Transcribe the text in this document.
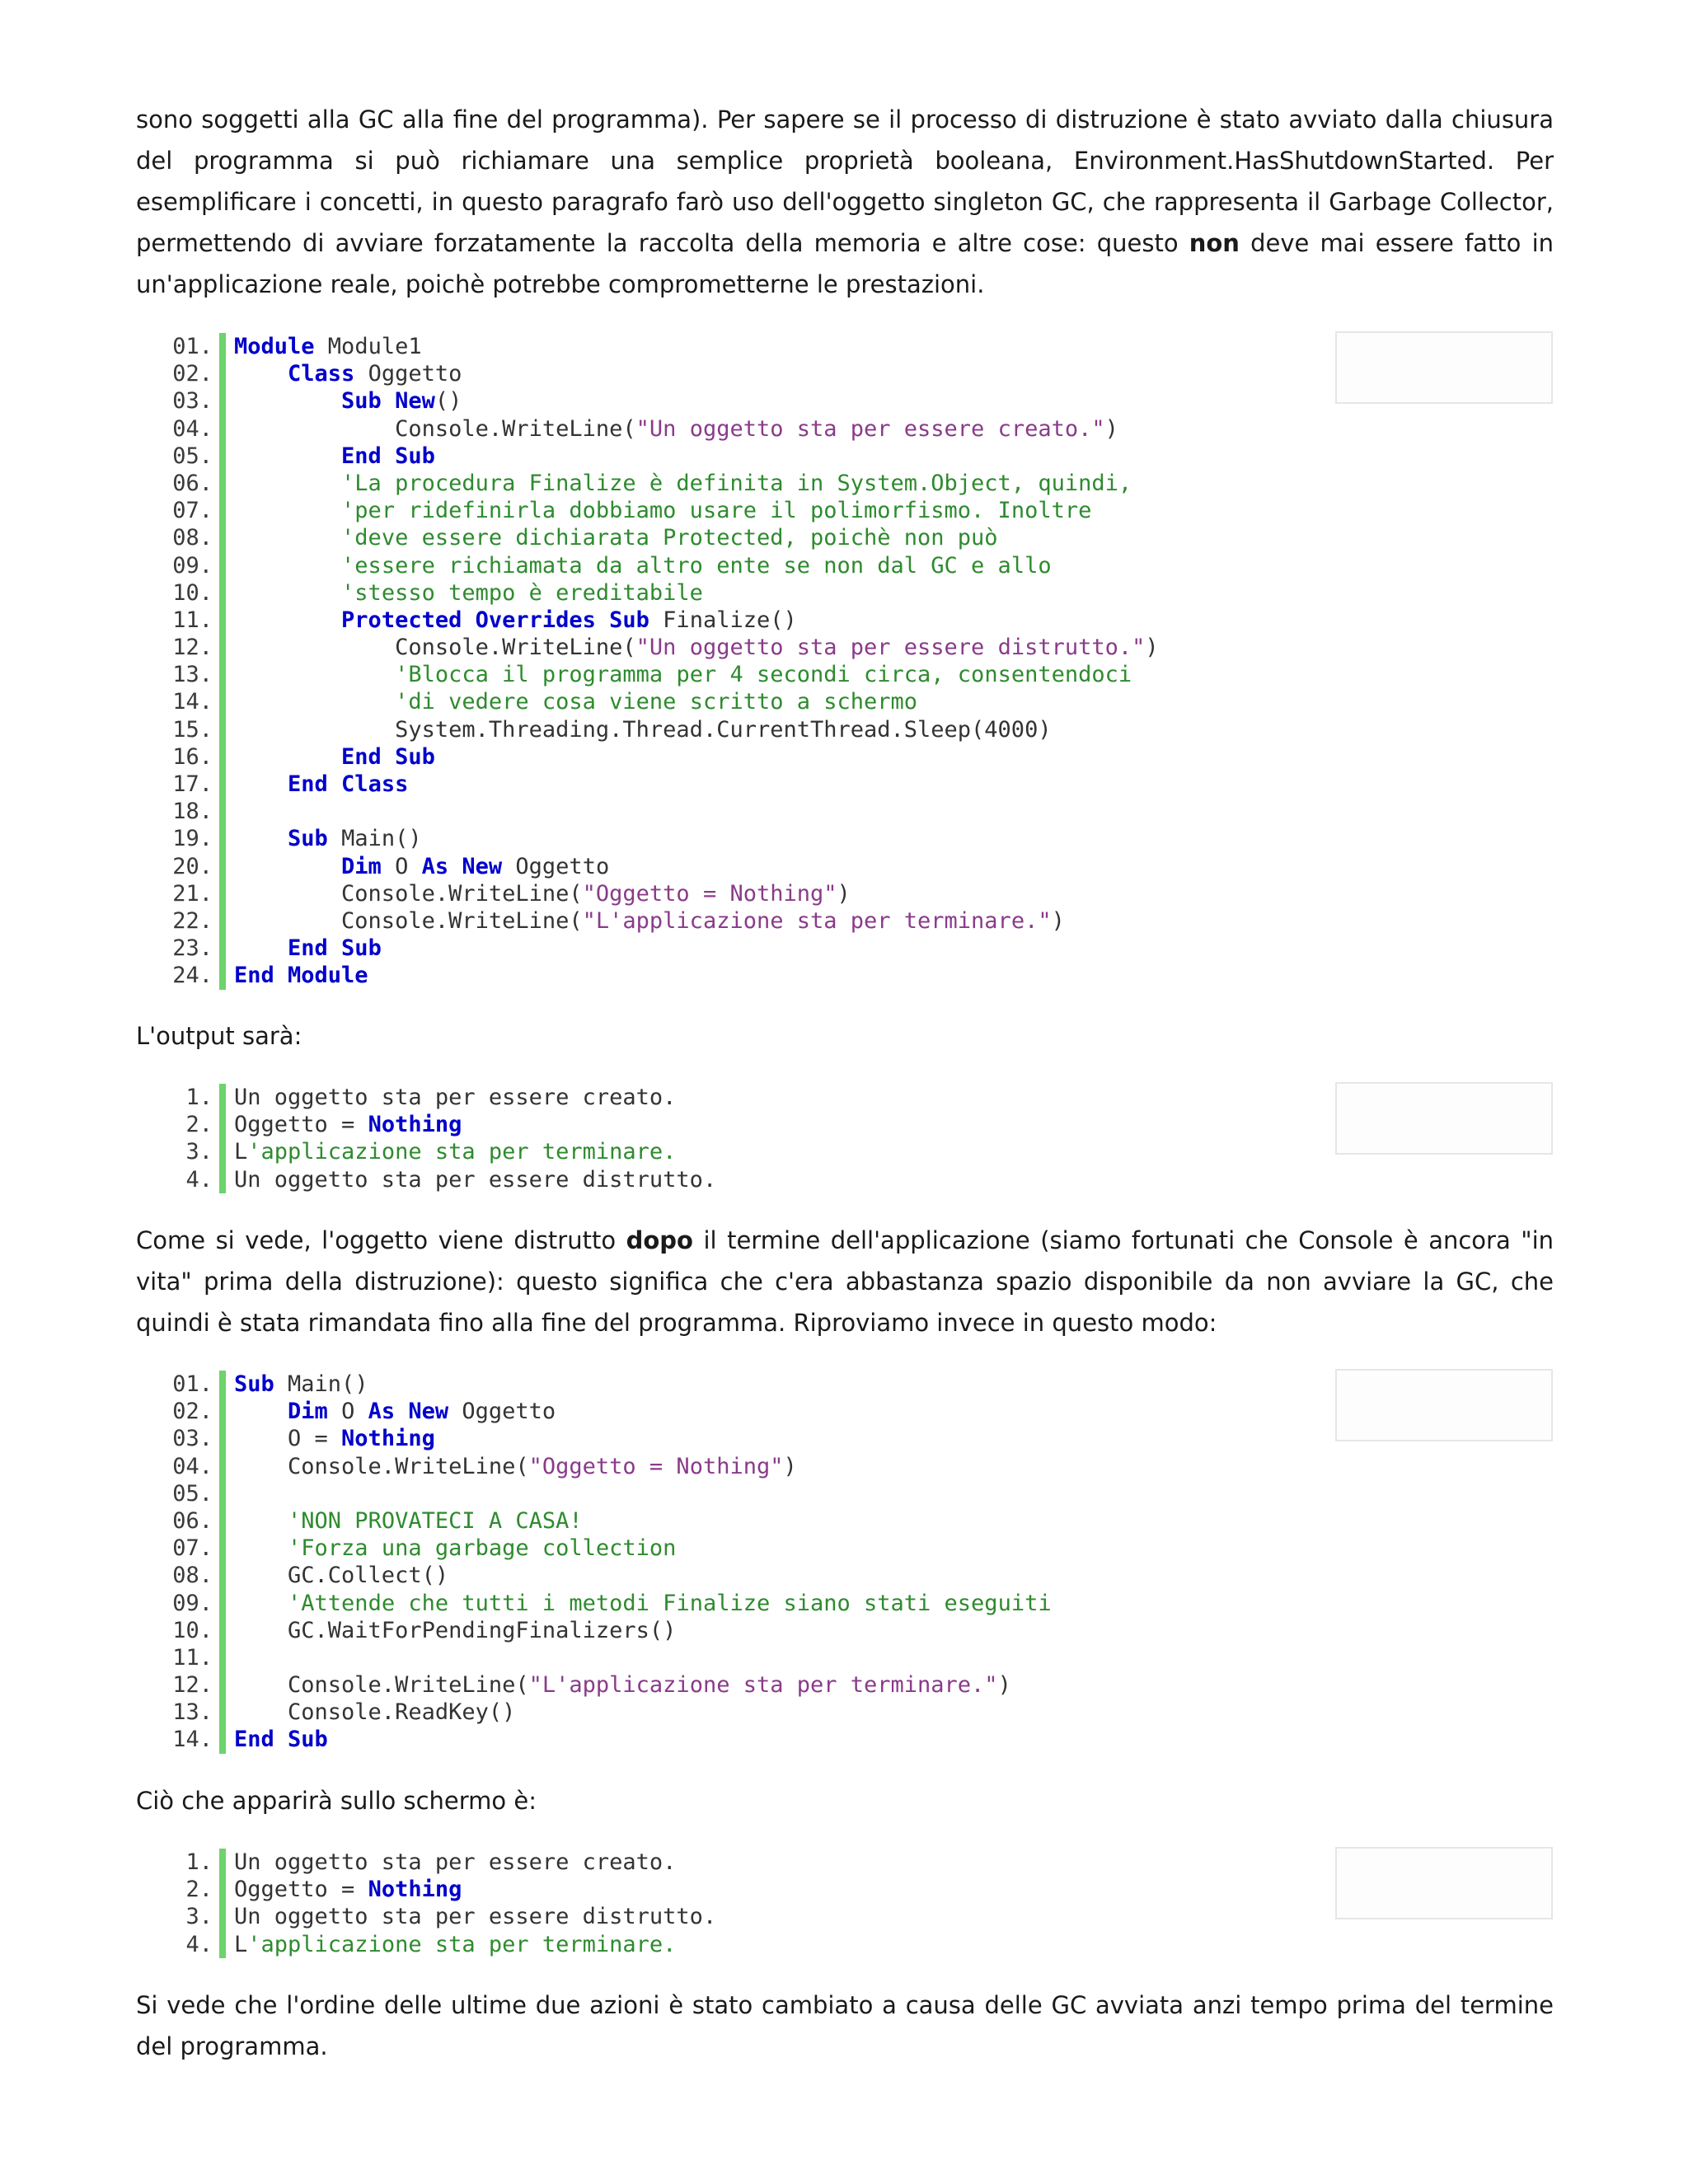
sono soggetti alla GC alla fine del programma). Per sapere se il processo di distruzione è stato avviato dalla chiusura del programma si può richiamare una semplice proprietà booleana, Environment.HasShutdownStarted. Per esemplificare i concetti, in questo paragrafo farò uso dell'oggetto singleton GC, che rappresenta il Garbage Collector, permettendo di avviare forzatamente la raccolta della memoria e altre cose: questo non deve mai essere fatto in un'applicazione reale, poichè potrebbe comprometterne le prestazioni.

01. Module Module1
02.	Class Oggetto
03.	Sub New()
04. Console.WriteLine("Un oggetto sta per essere creato.")
05.	End Sub
06.	'La procedura Finalize è definita in System.Object, quindi,
07.	'per ridefinirla dobbiamo usare il polimorfismo. Inoltre
08.	'deve essere dichiarata Protected, poichè non può
09.	'essere richiamata da altro ente se non dal GC e allo
10.	'stesso tempo è ereditabile
11.	Protected Overrides Sub Finalize()
12. Console.WriteLine("Un oggetto sta per essere distrutto.")
13.	'Blocca il programma per 4 secondi circa, consentendoci
14.	'di vedere cosa viene scritto a schermo
15. System.Threading.Thread.CurrentThread.Sleep(4000)
16.	End Sub
17.	End Class
18.
19.	Sub Main()
20.	Dim O As New Oggetto
21. Console.WriteLine("Oggetto = Nothing")
22. Console.WriteLine("L'applicazione sta per terminare.")
23.	End Sub
24. End Module

L'output sarà:

1. Un oggetto sta per essere creato.
2. Oggetto = Nothing
3. L'applicazione sta per terminare.
4. Un oggetto sta per essere distrutto.

Come si vede, l'oggetto viene distrutto dopo il termine dell'applicazione (siamo fortunati che Console è ancora "in vita" prima della distruzione): questo significa che c'era abbastanza spazio disponibile da non avviare la GC, che quindi è stata rimandata fino alla fine del programma. Riproviamo invece in questo modo:

01. Sub Main()
02.	Dim O As New Oggetto
03. O = Nothing
04. Console.WriteLine("Oggetto = Nothing")
05.
06.	'NON PROVATECI A CASA!
07.	'Forza una garbage collection
08. GC.Collect()
09.	'Attende che tutti i metodi Finalize siano stati eseguiti
10. GC.WaitForPendingFinalizers()
11.
12. Console.WriteLine("L'applicazione sta per terminare.")
13. Console.ReadKey()
14. End Sub

Ciò che apparirà sullo schermo è:

1. Un oggetto sta per essere creato.
2. Oggetto = Nothing
3. Un oggetto sta per essere distrutto.
4. L'applicazione sta per terminare.

Si vede che l'ordine delle ultime due azioni è stato cambiato a causa delle GC avviata anzi tempo prima del termine del programma.
